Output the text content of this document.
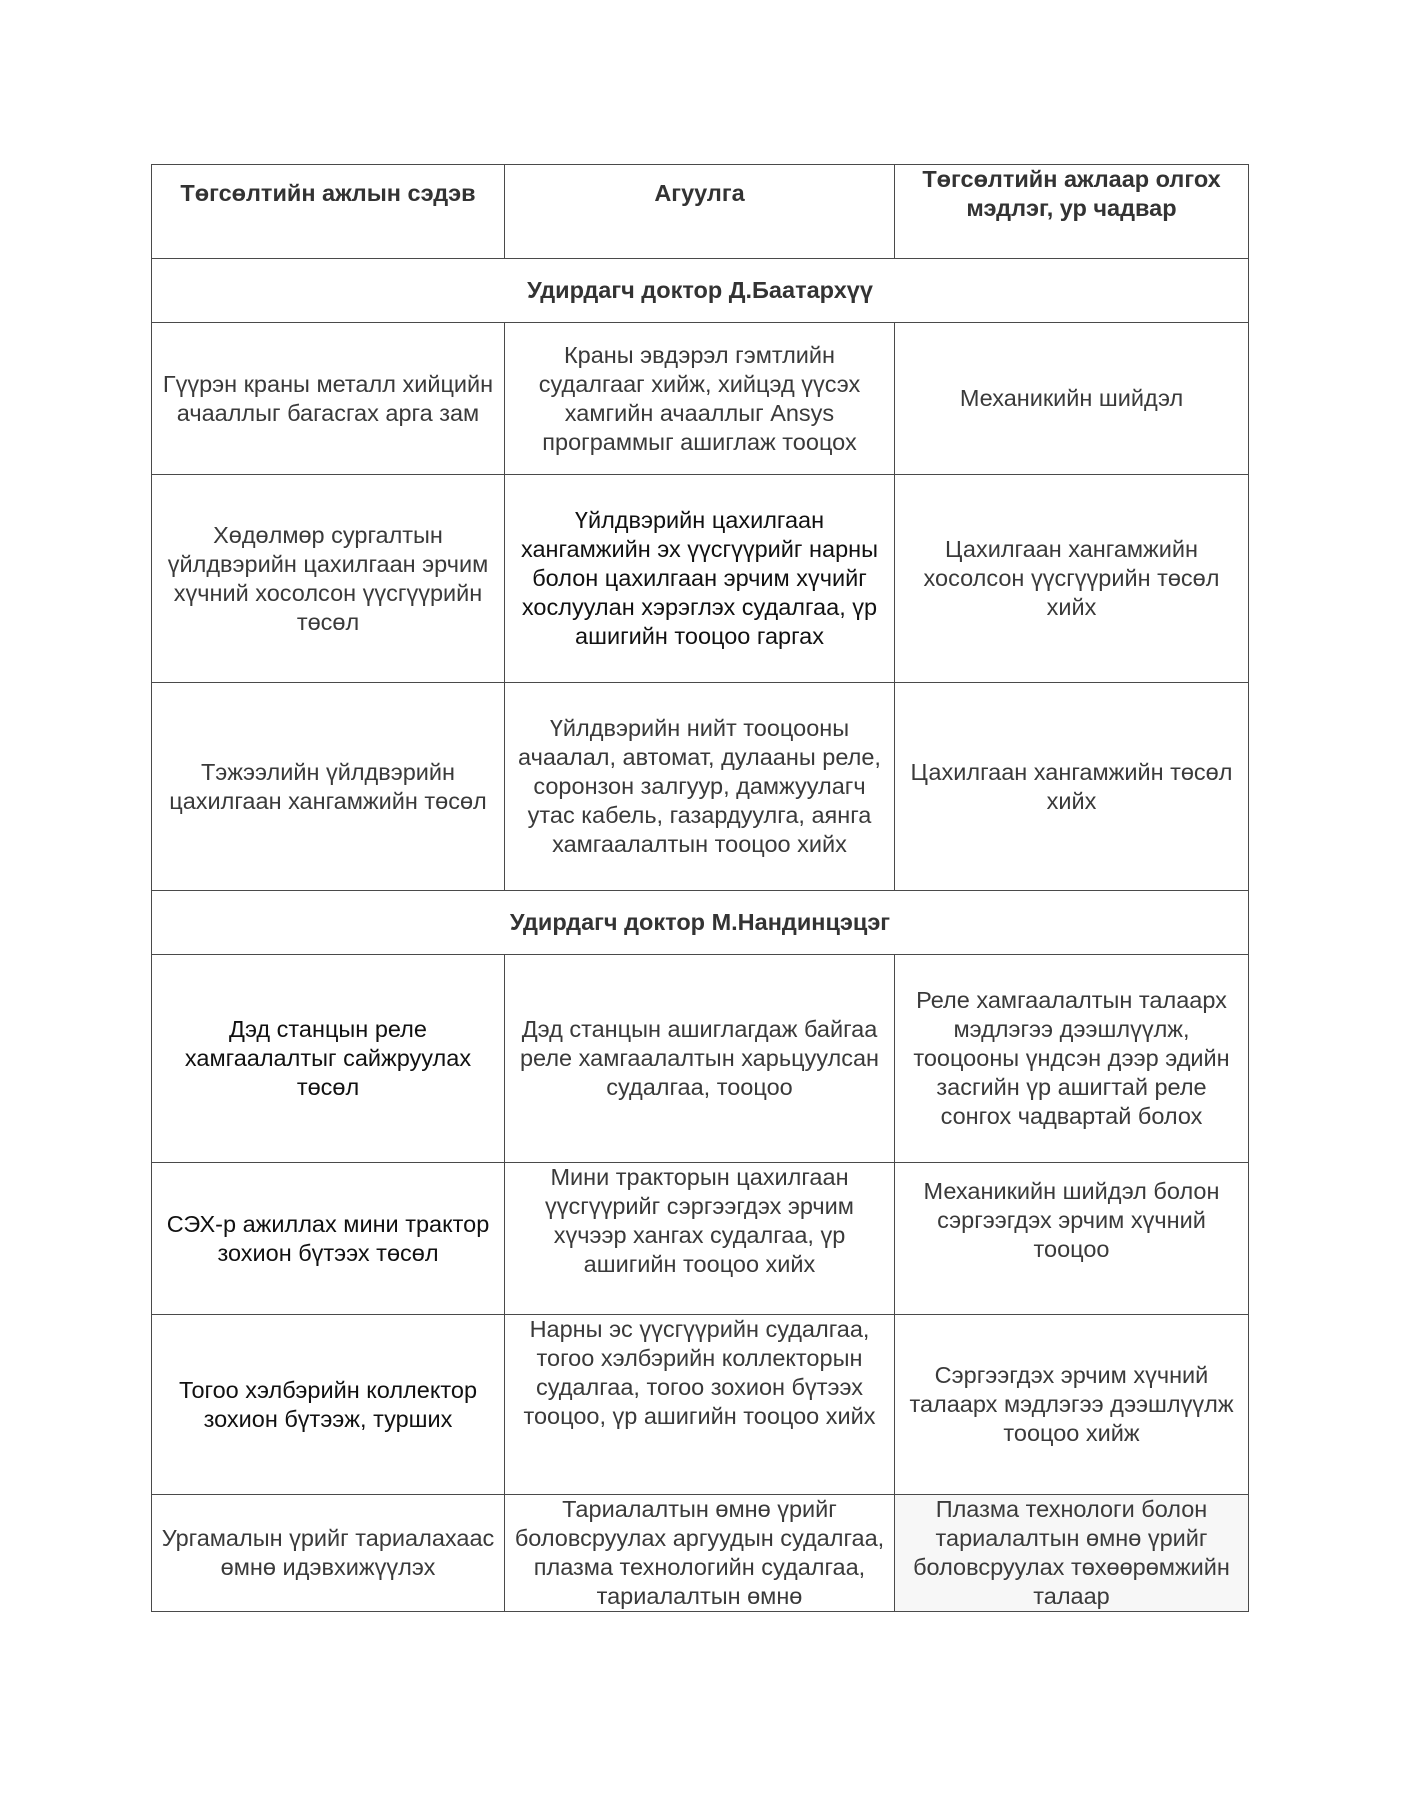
Төгсөлтийн ажлын сэдэв	Агуулга	Төгсөлтийн ажлаар олгох мэдлэг, ур чадвар

Удирдагч доктор Д.Баатархүү		

Гүүрэн краны металл хийцийн ачааллыг багасгах арга зам	Краны эвдэрэл гэмтлийн судалгааг хийж, хийцэд үүсэх хамгийн ачааллыг Ansys программыг ашиглаж тооцох	Механикийн шийдэл

Хөдөлмөр сургалтын үйлдвэрийн цахилгаан эрчим хүчний хосолсон үүсгүүрийн төсөл	Үйлдвэрийн цахилгаан хангамжийн эх үүсгүүрийг нарны болон цахилгаан эрчим хүчийг хослуулан хэрэглэх судалгаа, үр ашигийн тооцоо гаргах	Цахилгаан хангамжийн хосолсон үүсгүүрийн төсөл хийх

Тэжээлийн үйлдвэрийн цахилгаан хангамжийн төсөл	Үйлдвэрийн нийт тооцооны ачаалал, автомат, дулааны реле, соронзон залгуур, дамжуулагч утас кабель, газардуулга, аянга хамгаалалтын тооцоо хийх	Цахилгаан хангамжийн төсөл хийх

Удирдагч доктор М.Нандинцэцэг		

Дэд станцын реле хамгаалалтыг сайжруулах төсөл	Дэд станцын ашиглагдаж байгаа реле хамгаалалтын харьцуулсан судалгаа, тооцоо	Реле хамгаалалтын талаарх мэдлэгээ дээшлүүлж, тооцооны үндсэн дээр эдийн засгийн үр ашигтай реле сонгох чадвартай болох

СЭХ-р ажиллах мини трактор зохион бүтээх төсөл	Мини тракторын цахилгаан үүсгүүрийг сэргээгдэх эрчим хүчээр хангах судалгаа, үр ашигийн тооцоо хийх	Механикийн шийдэл болон сэргээгдэх эрчим хүчний тооцоо

Тогоо хэлбэрийн коллектор зохион бүтээж, турших	Нарны эс үүсгүүрийн судалгаа, тогоо хэлбэрийн коллекторын судалгаа, тогоо зохион бүтээх тооцоо, үр ашигийн тооцоо хийх	Сэргээгдэх эрчим хүчний талаарх мэдлэгээ дээшлүүлж тооцоо хийж

Ургамалын үрийг тариалахаас өмнө идэвхижүүлэх	Тариалалтын өмнө үрийг боловсруулах аргуудын судалгаа, плазма технологийн судалгаа, тариалалтын өмнө	Плазма технологи болон тариалалтын өмнө үрийг боловсруулах төхөөрөмжийн талаар
